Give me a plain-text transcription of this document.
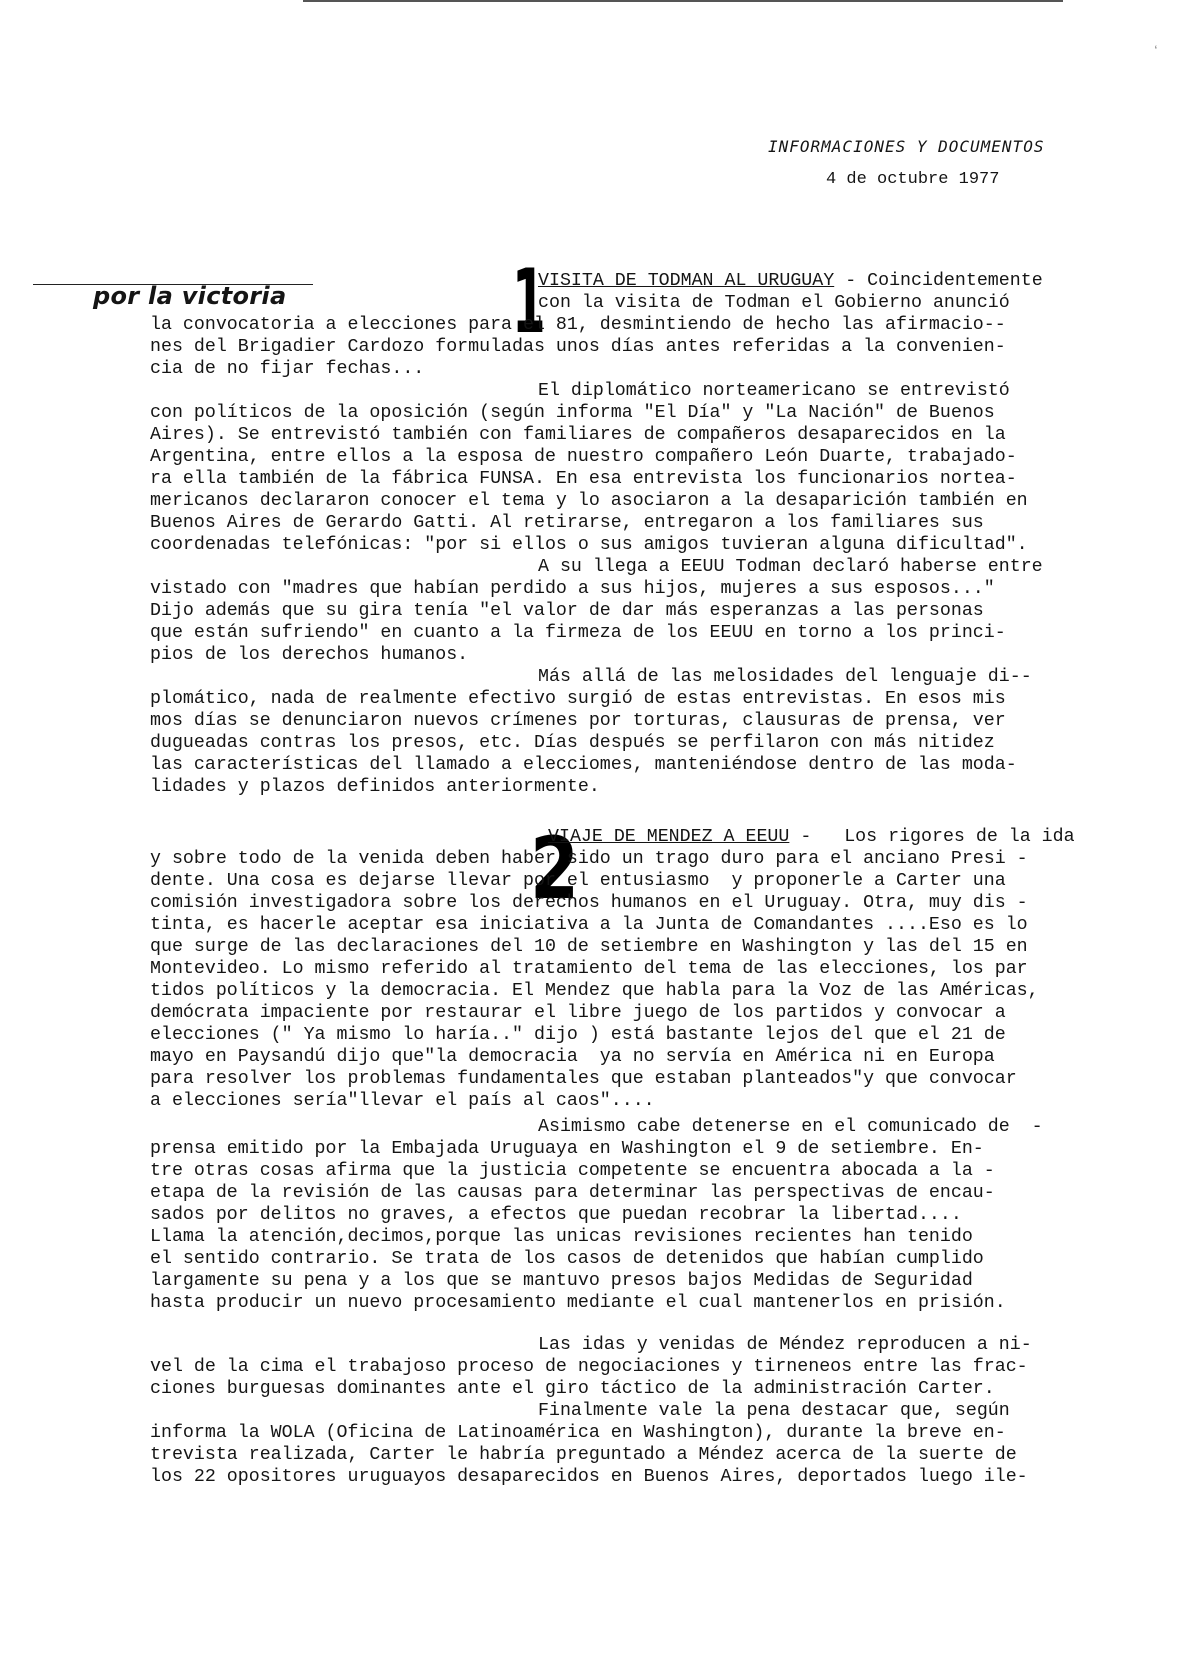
ʻ
INFORMACIONES Y DOCUMENTOS
4 de octubre 1977
por la victoria	1
VISITA DE TODMAN AL URUGUAY - Coincidentemente
con la visita de Todman el Gobierno anunció
la convocatoria a elecciones para el 81, desmintiendo de hecho las afirmacio--
nes del Brigadier Cardozo formuladas unos días antes referidas a la convenien-
cia de no fijar fechas...
El diplomático norteamericano se entrevistó
con políticos de la oposición (según informa "El Día" y "La Nación" de Buenos
Aires). Se entrevistó también con familiares de compañeros desaparecidos en la
Argentina, entre ellos a la esposa de nuestro compañero León Duarte, trabajado-
ra ella también de la fábrica FUNSA. En esa entrevista los funcionarios nortea-
mericanos declararon conocer el tema y lo asociaron a la desaparición también en
Buenos Aires de Gerardo Gatti. Al retirarse, entregaron a los familiares sus
coordenadas telefónicas: "por si ellos o sus amigos tuvieran alguna dificultad".
A su llega a EEUU Todman declaró haberse entre
vistado con "madres que habían perdido a sus hijos, mujeres a sus esposos..."
Dijo además que su gira tenía "el valor de dar más esperanzas a las personas
que están sufriendo" en cuanto a la firmeza de los EEUU en torno a los princi-
pios de los derechos humanos.
Más allá de las melosidades del lenguaje di--
plomático, nada de realmente efectivo surgió de estas entrevistas. En esos mis
mos días se denunciaron nuevos crímenes por torturas, clausuras de prensa, ver
dugueadas contras los presos, etc. Días después se perfilaron con más nitidez
las características del llamado a elecciomes, manteniéndose dentro de las moda-
lidades y plazos definidos anteriormente.
2
VIAJE DE MENDEZ A EEUU -   Los rigores de la ida
y sobre todo de la venida deben haber sido un trago duro para el anciano Presi -
dente. Una cosa es dejarse llevar por el entusiasmo  y proponerle a Carter una
comisión investigadora sobre los derechos humanos en el Uruguay. Otra, muy dis -
tinta, es hacerle aceptar esa iniciativa a la Junta de Comandantes ....Eso es lo
que surge de las declaraciones del 10 de setiembre en Washington y las del 15 en
Montevideo. Lo mismo referido al tratamiento del tema de las elecciones, los par
tidos políticos y la democracia. El Mendez que habla para la Voz de las Américas,
demócrata impaciente por restaurar el libre juego de los partidos y convocar a
elecciones (" Ya mismo lo haría.." dijo ) está bastante lejos del que el 21 de
mayo en Paysandú dijo que"la democracia  ya no servía en América ni en Europa
para resolver los problemas fundamentales que estaban planteados"y que convocar
a elecciones sería"llevar el país al caos"....
Asimismo cabe detenerse en el comunicado de  -
prensa emitido por la Embajada Uruguaya en Washington el 9 de setiembre. En-
tre otras cosas afirma que la justicia competente se encuentra abocada a la -
etapa de la revisión de las causas para determinar las perspectivas de encau-
sados por delitos no graves, a efectos que puedan recobrar la libertad....
Llama la atención,decimos,porque las unicas revisiones recientes han tenido
el sentido contrario. Se trata de los casos de detenidos que habían cumplido
largamente su pena y a los que se mantuvo presos bajos Medidas de Seguridad
hasta producir un nuevo procesamiento mediante el cual mantenerlos en prisión.
Las idas y venidas de Méndez reproducen a ni-
vel de la cima el trabajoso proceso de negociaciones y tirneneos entre las frac-
ciones burguesas dominantes ante el giro táctico de la administración Carter.
Finalmente vale la pena destacar que, según
informa la WOLA (Oficina de Latinoamérica en Washington), durante la breve en-
trevista realizada, Carter le habría preguntado a Méndez acerca de la suerte de
los 22 opositores uruguayos desaparecidos en Buenos Aires, deportados luego ile-
